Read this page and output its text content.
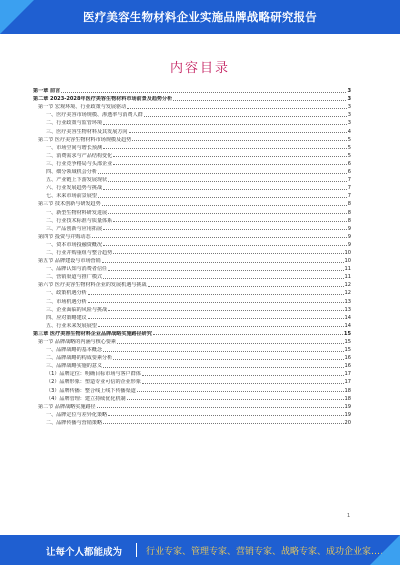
医疗美容生物材料企业实施品牌战略研究报告
内容目录
第一章 前言	3
第二章 2023-2028年医疗美容生物材料市场前景及趋势分析	3
第一节 宏观环境、行业政策与发展驱动	3
一、医疗美容市场规模、渗透率与消费人群	3
二、行业政策与监管环境	3
三、医疗美容生物材料及其发展方向	4
第二节 医疗美容生物材料市场规模及趋势	5
一、市场空间与增长预测	5
二、消费需求与产品结构变化	5
三、行业竞争格局与头部企业	6
四、细分领域机会分析	6
五、产业链上下游发展现状	7
六、行业发展趋势与挑战	7
七、未来市场前景展望	7
第三节 技术创新与研发趋势	8
一、新型生物材料研发进展	8
二、行业技术标准与质量体系	8
三、产品创新与应用拓展	9
第四节 投资与并购动态	9
一、资本市场投融资概况	9
二、行业并购重组与整合趋势	10
第五节 品牌建设与市场营销	10
一、品牌认知与消费者信任	11
二、营销渠道与推广模式	11
第六节 医疗美容生物材料企业的发展机遇与挑战	12
一、政策机遇分析	12
二、市场机遇分析	13
三、企业面临的风险与挑战	13
四、应对策略建议	14
五、行业未来发展展望	14
第三章 医疗美容生物材料企业品牌战略实施路径研究	15
第一节 品牌战略的内涵与核心要素	15
一、品牌战略的基本概念	15
二、品牌战略的构成要素分析	16
三、品牌战略实施的意义	16
（1）品牌定位：明确目标市场与客户群体	17
（2）品牌形象：塑造专业可信的企业形象	17
（3）品牌传播：整合线上线下传播渠道	18
（4）品牌管理：建立持续优化机制	18
第二节 品牌战略实施路径	19
一、品牌定位与差异化策略	19
二、品牌传播与营销策略	20
1
让每个人都能成为	行业专家、管理专家、营销专家、战略专家、成功企业家……
